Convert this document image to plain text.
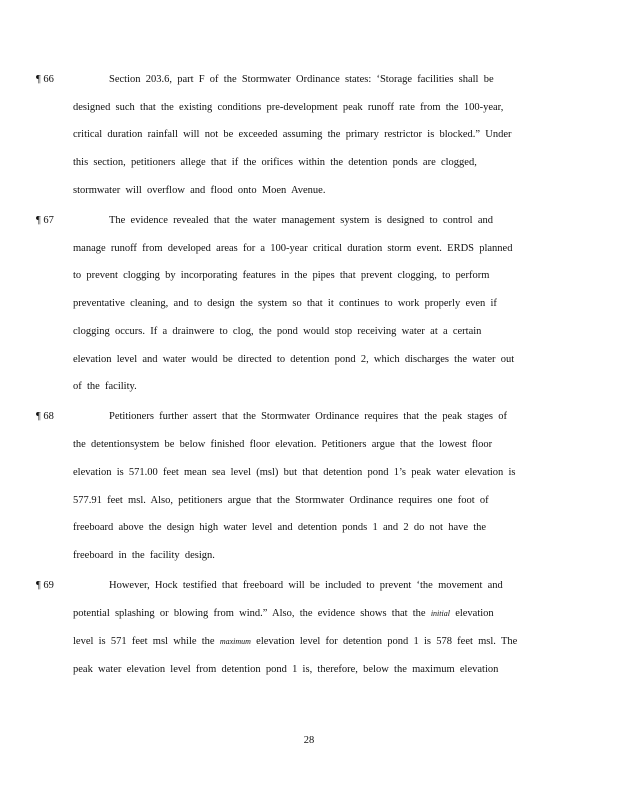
¶ 66	Section 203.6, part F of the Stormwater Ordinance states: ‘Storage facilities shall be
designed such that the existing conditions pre-development peak runoff rate from the 100-year,
critical duration rainfall will not be exceeded assuming the primary restrictor is blocked.” Under
this section, petitioners allege that if the orifices within the detention ponds are clogged,
stormwater will overflow and flood onto Moen Avenue.
¶ 67	The evidence revealed that the water management system is designed to control and
manage runoff from developed areas for a 100-year critical duration storm event. ERDS planned
to prevent clogging by incorporating features in the pipes that prevent clogging, to perform
preventative cleaning, and to design the system so that it continues to work properly even if
clogging occurs. If a drainwere to clog, the pond would stop receiving water at a certain
elevation level and water would be directed to detention pond 2, which discharges the water out
of the facility.
¶ 68	Petitioners further assert that the Stormwater Ordinance requires that the peak stages of
the detentionsystem be below finished floor elevation. Petitioners argue that the lowest floor
elevation is 571.00 feet mean sea level (msl) but that detention pond 1’s peak water elevation is
577.91 feet msl. Also, petitioners argue that the Stormwater Ordinance requires one foot of
freeboard above the design high water level and detention ponds 1 and 2 do not have the
freeboard in the facility design.
¶ 69	However, Hock testified that freeboard will be included to prevent ‘the movement and
potential splashing or blowing from wind.” Also, the evidence shows that the initial elevation
level is 571 feet msl while the maximum elevation level for detention pond 1 is 578 feet msl. The
peak water elevation level from detention pond 1 is, therefore, below the maximum elevation
28
